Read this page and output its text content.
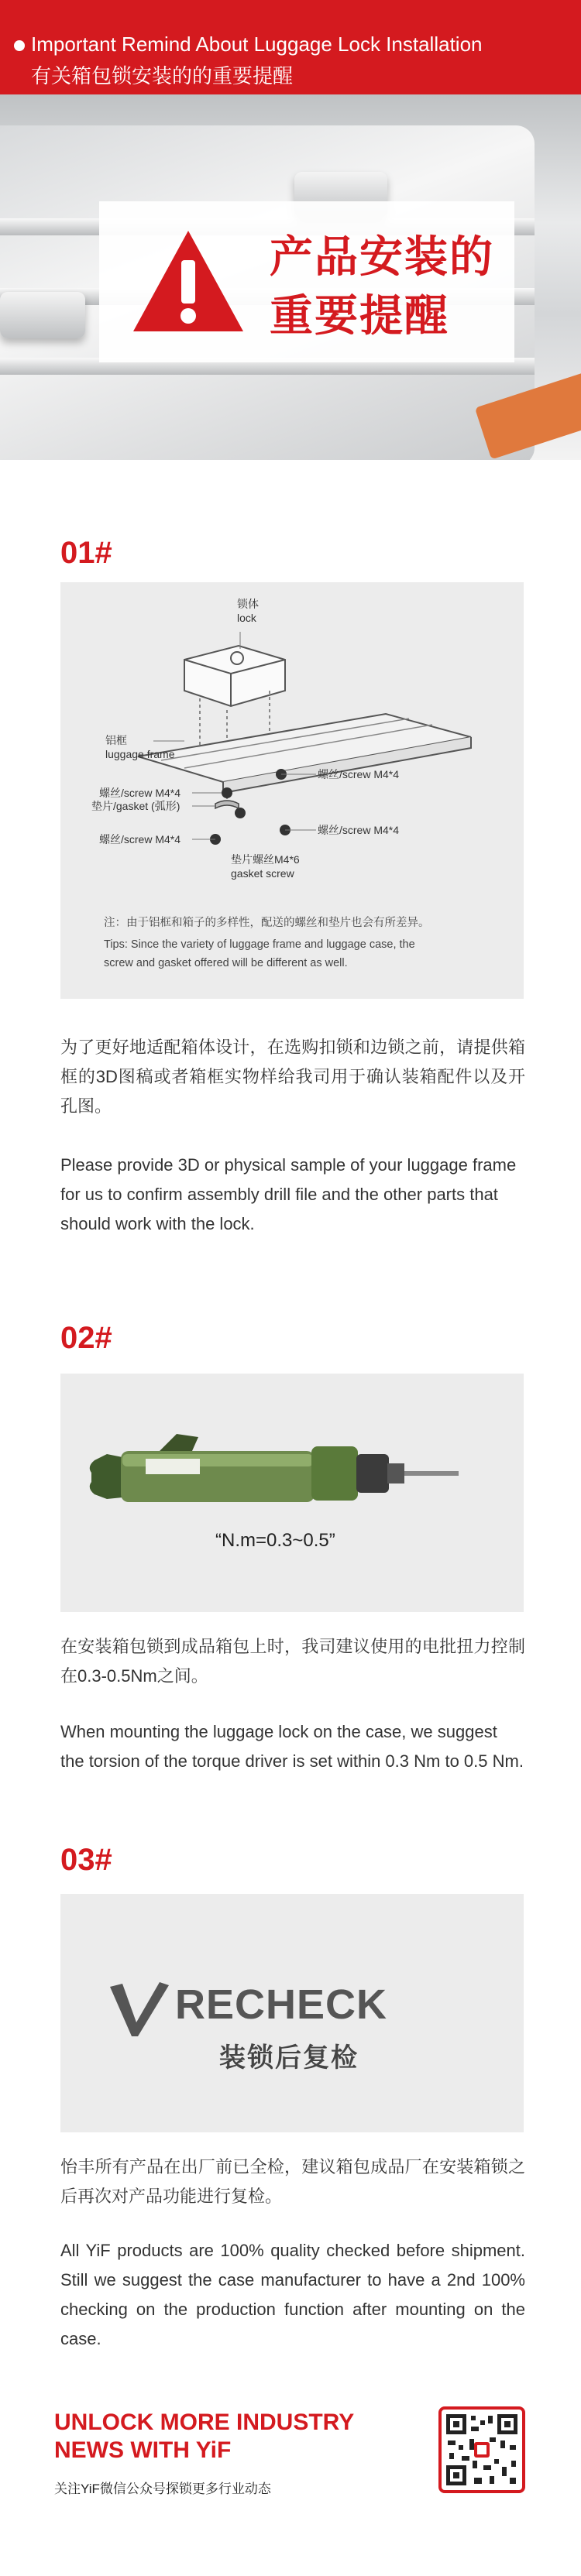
Important Remind About Luggage Lock Installation
有关箱包锁安装的的重要提醒
产品安装的
重要提醒
01#
锁体
lock
铝框
luggage frame
螺丝/screw M4*4
螺丝/screw M4*4
垫片/gasket (弧形)
螺丝/screw M4*4
螺丝/screw M4*4
垫片螺丝M4*6
gasket screw
注：由于铝框和箱子的多样性，配送的螺丝和垫片也会有所差异。
Tips: Since the variety of luggage frame and luggage case, the
screw and gasket offered will be different as well.
为了更好地适配箱体设计，在选购扣锁和边锁之前，请提供箱框的3D图稿或者箱框实物样给我司用于确认装箱配件以及开孔图。
Please provide 3D or physical sample of your luggage frame for us to confirm assembly drill file and the other parts that should work with the lock.
02#
“N.m=0.3~0.5”
在安装箱包锁到成品箱包上时，我司建议使用的电批扭力控制在0.3-0.5Nm之间。
When mounting the luggage lock on the case, we suggest the torsion of the torque driver is set within 0.3 Nm to 0.5 Nm.
03#
RECHECK
装锁后复检
怡丰所有产品在出厂前已全检，建议箱包成品厂在安装箱锁之后再次对产品功能进行复检。
All YiF products are 100% quality checked before shipment. Still we suggest the case manufacturer to have a 2nd 100% checking on the production function after mounting on the case.
UNLOCK MORE INDUSTRY
NEWS WITH YiF
关注YiF微信公众号探锁更多行业动态
